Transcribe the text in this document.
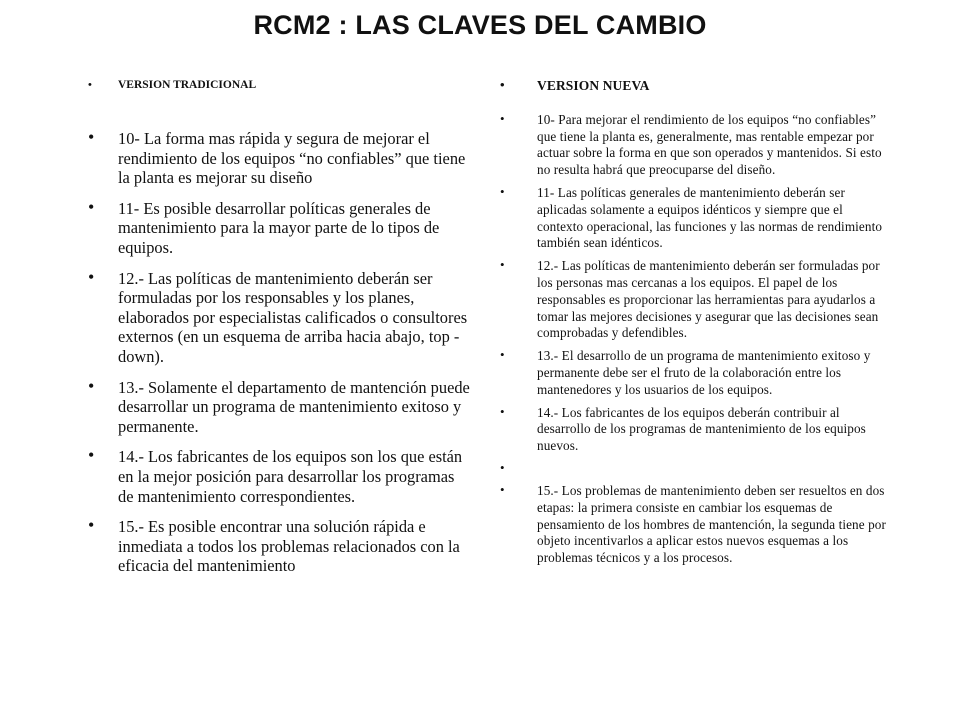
RCM2 : LAS CLAVES DEL CAMBIO
• VERSION TRADICIONAL
• 10- La forma mas rápida y segura de mejorar el rendimiento de los equipos “no confiables” que tiene la planta es mejorar su diseño
• 11- Es posible desarrollar políticas generales de mantenimiento para la mayor parte de lo tipos de equipos.
• 12.- Las políticas de mantenimiento deberán ser formuladas por los responsables y los planes, elaborados por especialistas calificados o consultores externos (en un esquema de arriba hacia abajo, top - down).
• 13.- Solamente el departamento de mantención puede desarrollar un programa de mantenimiento exitoso y permanente.
• 14.- Los fabricantes de los equipos son los que están en la mejor posición para desarrollar los programas de mantenimiento correspondientes.
• 15.- Es posible encontrar una solución rápida e inmediata a todos los problemas relacionados con la eficacia del mantenimiento
• VERSION NUEVA
• 10- Para mejorar el rendimiento de los equipos “no confiables” que tiene la planta es, generalmente, mas rentable empezar por actuar sobre la forma en que son operados y mantenidos. Si esto no resulta habrá que preocuparse del diseño.
• 11- Las políticas generales de mantenimiento deberán ser aplicadas solamente a equipos idénticos y siempre que el contexto operacional, las funciones y las normas de rendimiento también sean idénticos.
• 12.- Las políticas de mantenimiento deberán ser formuladas por los personas mas cercanas a los equipos. El papel de los responsables es proporcionar las herramientas para ayudarlos a tomar las mejores decisiones y asegurar que las decisiones sean comprobadas y defendibles.
• 13.- El desarrollo de un programa de mantenimiento exitoso y permanente debe ser el fruto de la colaboración entre los mantenedores y los usuarios de los equipos.
• 14.- Los fabricantes de los equipos deberán contribuir al desarrollo de los programas de mantenimiento de los equipos nuevos.
•
• 15.- Los problemas de mantenimiento deben ser resueltos en dos etapas: la primera consiste en cambiar los esquemas de pensamiento de los hombres de mantención, la segunda tiene por objeto incentivarlos a aplicar estos nuevos esquemas a los problemas técnicos y a los procesos.
